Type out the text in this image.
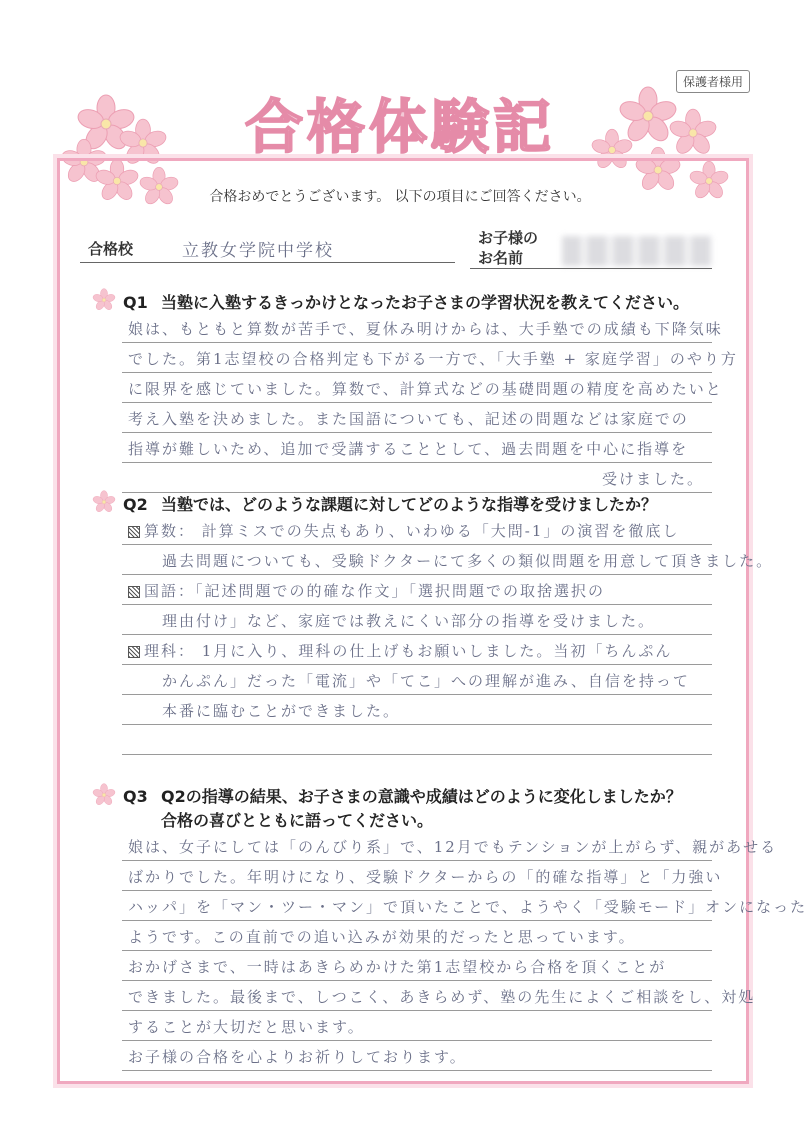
保護者様用
合格体験記
合格おめでとうございます。 以下の項目にご回答ください。
合格校	立教女学院中学校
お子様の
お名前
Q1 当塾に入塾するきっかけとなったお子さまの学習状況を教えてください。
娘は、もともと算数が苦手で、夏休み明けからは、大手塾での成績も下降気味
でした。第1志望校の合格判定も下がる一方で、「大手塾 + 家庭学習」のやり方
に限界を感じていました。算数で、計算式などの基礎問題の精度を高めたいと
考え入塾を決めました。また国語についても、記述の問題などは家庭での
指導が難しいため、追加で受講することとして、過去問題を中心に指導を
受けました。
Q2 当塾では、どのような課題に対してどのような指導を受けましたか？
算数： 計算ミスでの失点もあり、いわゆる「大問-1」の演習を徹底し
過去問題についても、受験ドクターにて多くの類似問題を用意して頂きました。
国語：「記述問題での的確な作文」「選択問題での取捨選択の
理由付け」など、家庭では教えにくい部分の指導を受けました。
理科： 1月に入り、理科の仕上げもお願いしました。当初「ちんぷん
かんぷん」だった「電流」や「てこ」への理解が進み、自信を持って
本番に臨むことができました。
Q3 Q2の指導の結果、お子さまの意識や成績はどのように変化しましたか？
合格の喜びとともに語ってください。
娘は、女子にしては「のんびり系」で、12月でもテンションが上がらず、親があせる
ばかりでした。年明けになり、受験ドクターからの「的確な指導」と「力強い
ハッパ」を「マン・ツー・マン」で頂いたことで、ようやく「受験モード」オンになった
ようです。この直前での追い込みが効果的だったと思っています。
おかげさまで、一時はあきらめかけた第1志望校から合格を頂くことが
できました。最後まで、しつこく、あきらめず、塾の先生によくご相談をし、対処
することが大切だと思います。
お子様の合格を心よりお祈りしております。
